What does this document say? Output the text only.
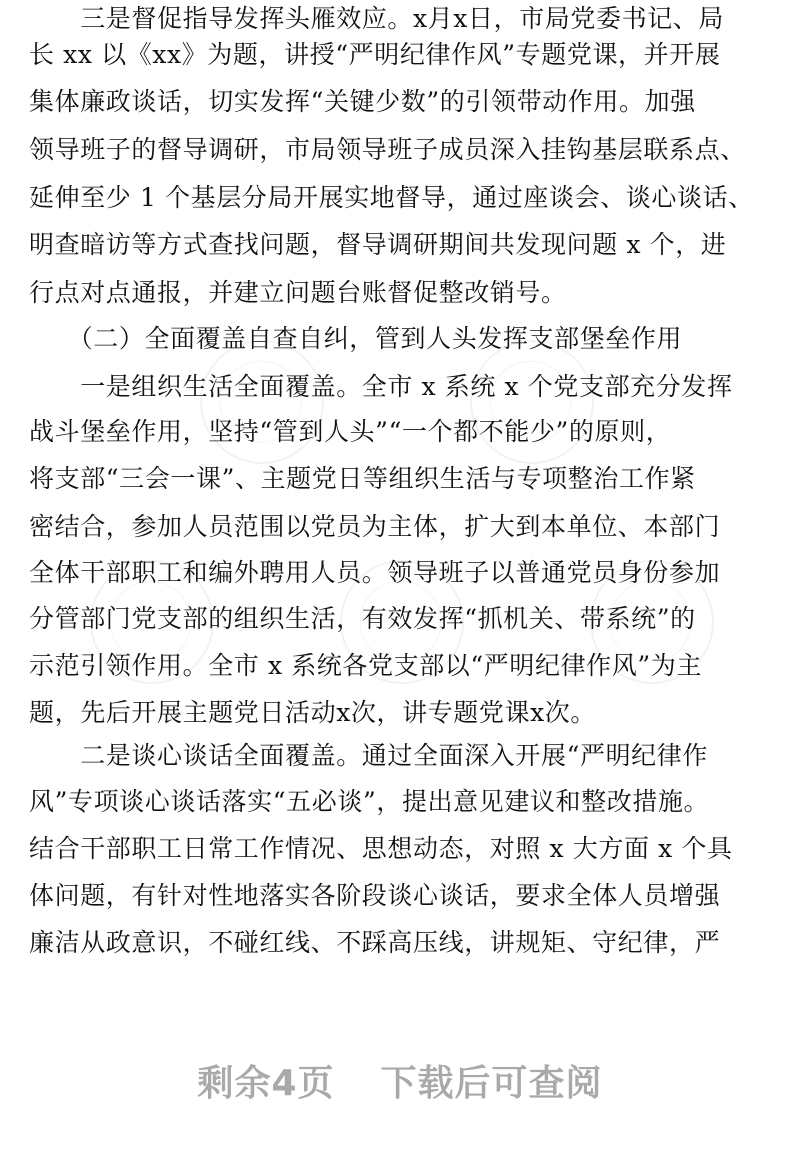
　　三是督促指导发挥头雁效应。x月x日，市局党委书记、局
长 xx 以《xx》为题，讲授“严明纪律作风”专题党课，并开展
集体廉政谈话，切实发挥“关键少数”的引领带动作用。加强
领导班子的督导调研，市局领导班子成员深入挂钩基层联系点、
延伸至少 1 个基层分局开展实地督导，通过座谈会、谈心谈话、
明查暗访等方式查找问题，督导调研期间共发现问题 x 个，进
行点对点通报，并建立问题台账督促整改销号。
　　（二）全面覆盖自查自纠，管到人头发挥支部堡垒作用
　　一是组织生活全面覆盖。全市 x 系统 x 个党支部充分发挥
战斗堡垒作用，坚持“管到人头”“一个都不能少”的原则，
将支部“三会一课”、主题党日等组织生活与专项整治工作紧
密结合，参加人员范围以党员为主体，扩大到本单位、本部门
全体干部职工和编外聘用人员。领导班子以普通党员身份参加
分管部门党支部的组织生活，有效发挥“抓机关、带系统”的
示范引领作用。全市 x 系统各党支部以“严明纪律作风”为主
题，先后开展主题党日活动x次，讲专题党课x次。
　　二是谈心谈话全面覆盖。通过全面深入开展“严明纪律作
风”专项谈心谈话落实“五必谈”，提出意见建议和整改措施。
结合干部职工日常工作情况、思想动态，对照 x 大方面 x 个具
体问题，有针对性地落实各阶段谈心谈话，要求全体人员增强
廉洁从政意识，不碰红线、不踩高压线，讲规矩、守纪律，严
剩余4页 下载后可查阅
